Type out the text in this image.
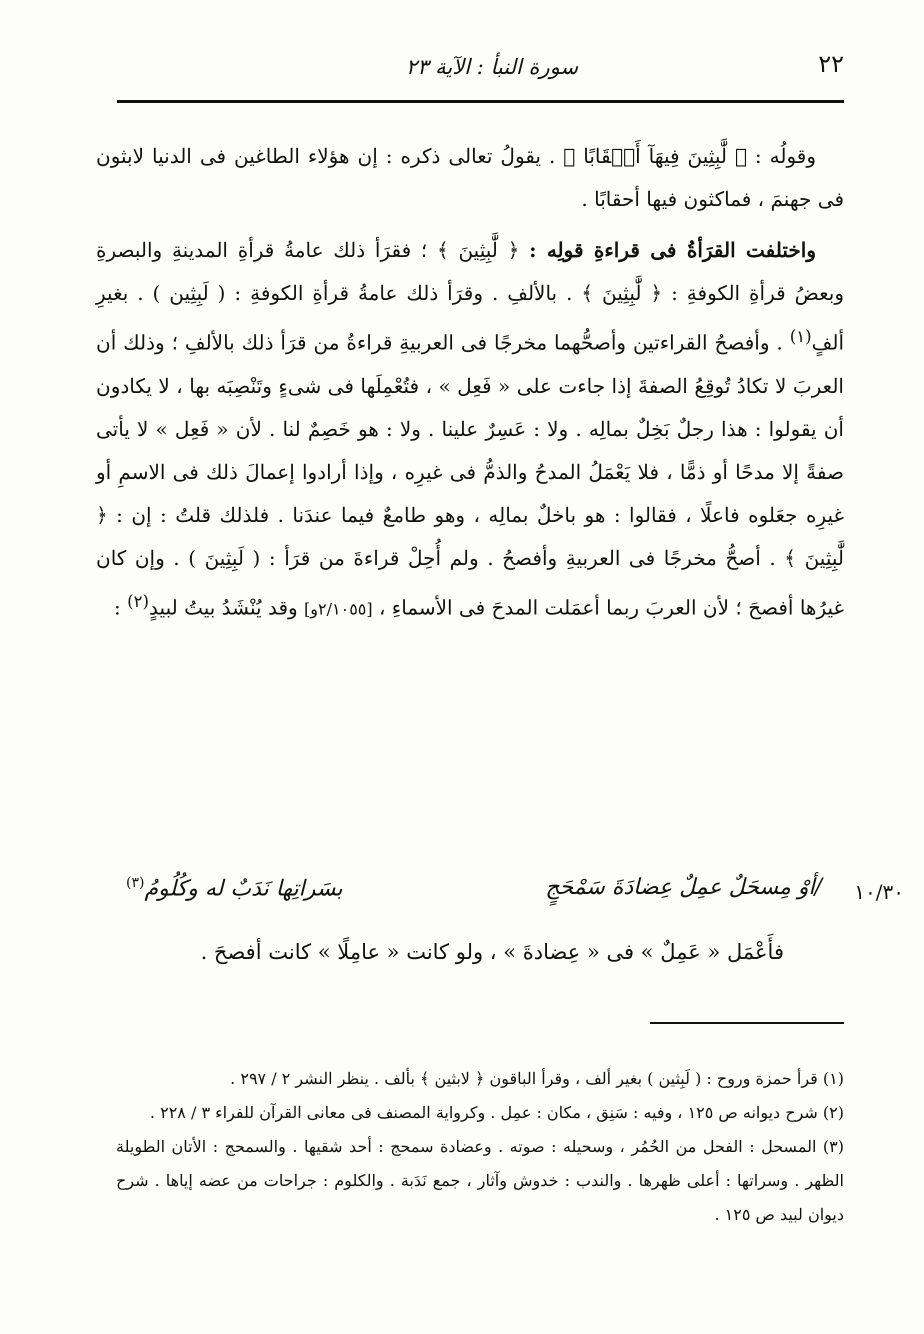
٢٢
سورة النبأ : الآية ٢٣

وقولُه : ﴿ لَّٰبِثِينَ فِيهَآ أَحۡقَابًا ﴾ . يقولُ تعالى ذكره : إن هؤلاء الطاغين فى الدنيا لابثون فى جهنمَ ، فماكثون فيها أحقابًا .

واختلفت القرَأةُ فى قراءةِ قولِه : ﴿ لَّٰبِثِينَ ﴾ ؛ فقرَأ ذلك عامةُ قرأةِ المدينةِ والبصرةِ وبعضُ قرأةِ الكوفةِ : ﴿ لَّٰبِثِينَ ﴾ . بالألفِ . وقرَأ ذلك عامةُ قرأةِ الكوفةِ : ( لَبِثِين ) . بغيرِ ألفٍ$^{(١)}$ . وأفصحُ القراءتين وأصحُّهما مخرجًا فى العربيةِ قراءةُ من قرَأ ذلك بالألفِ ؛ وذلك أن العربَ لا تكادُ تُوقِعُ الصفةَ إذا جاءت على « فَعِل » ، فتُعْمِلَها فى شىءٍ وتَنْصِبَه بها ، لا يكادون أن يقولوا : هذا رجلٌ بَخِلٌ بمالِه . ولا : عَسِرٌ علينا . ولا : هو خَصِمٌ لنا . لأن « فَعِل » لا يأتى صفةً إلا مدحًا أو ذمًّا ، فلا يَعْمَلُ المدحُ والذمُّ فى غيرِه ، وإذا أرادوا إعمالَ ذلك فى الاسمِ أو غيرِه جعَلوه فاعلًا ، فقالوا : هو باخلٌ بمالِه ، وهو طامعٌ فيما عندَنا . فلذلك قلتُ : إن : ﴿ لَّٰبِثِينَ ﴾ . أصحُّ مخرجًا فى العربيةِ وأفصحُ . ولم أُحِلْ قراءةَ من قرَأ : ( لَبِثِينَ ) . وإن كان غيرُها أفصحَ ؛ لأن العربَ ربما أعمَلت المدحَ فى الأسماءِ ، [٢/١٠٥٥و] وقد يُنْشَدُ بيتُ لبيدٍ$^{(٢)}$ :

١٠/٣٠
/أوْ مِسحَلٌ عمِلٌ عِضادَةَ سَمْحَجٍ
بسَراتِها نَدَبٌ له وكُلُومُ$^{(٣)}$
فأَعْمَل « عَمِلٌ » فى « عِضادةَ » ، ولو كانت « عامِلًا » كانت أفصحَ .

(١) قرأ حمزة وروح : ( لَبِثين ) بغير ألف ، وقرأ الباقون ﴿ لابثين ﴾ بألف . ينظر النشر ٢ / ٢٩٧ .

(٢) شرح ديوانه ص ١٢٥ ، وفيه : سَنِق ، مكان : عمِل . وكرواية المصنف فى معانى القرآن للفراء ٣ / ٢٢٨ .

(٣) المسحل : الفحل من الحُمُر ، وسحيله : صوته . وعضادة سمحج : أحد شقيها . والسمحج : الأتان الطويلة الظهر . وسراتها : أعلى ظهرها . والندب : خدوش وآثار ، جمع نَدَبة . والكلوم : جراحات من عضه إياها . شرح ديوان لبيد ص ١٢٥ .
